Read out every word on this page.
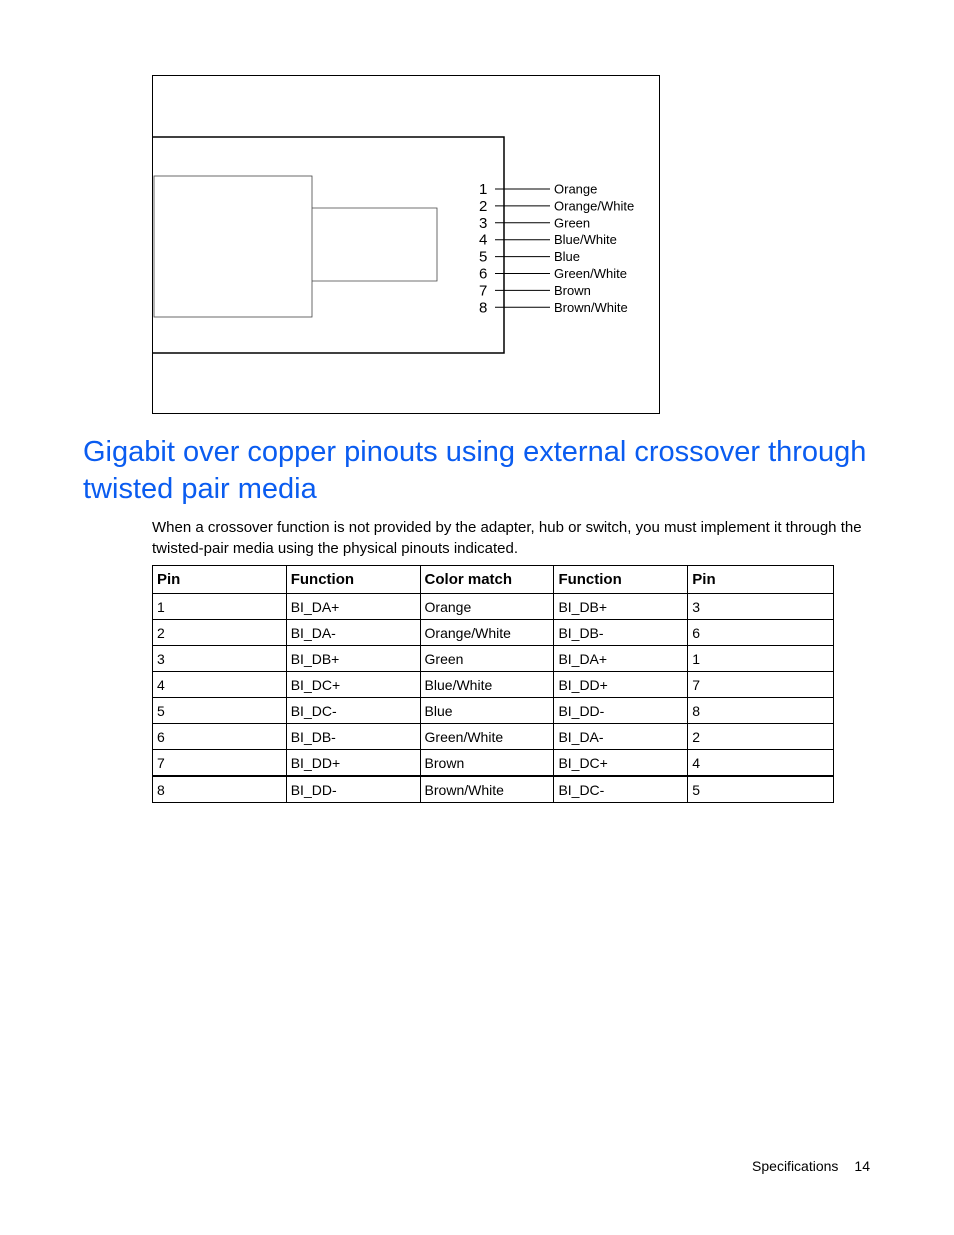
1	Orange
2	Orange/White
3	Green
4	Blue/White
5	Blue
6	Green/White
7	Brown
8	Brown/White
Gigabit over copper pinouts using external crossover through twisted pair media

When a crossover function is not provided by the adapter, hub or switch, you must implement it through the twisted-pair media using the physical pinouts indicated.

Pin	Function	Color match	Function	Pin
1	BI_DA+	Orange	BI_DB+	3
2	BI_DA-	Orange/White	BI_DB-	6
3	BI_DB+	Green	BI_DA+	1
4	BI_DC+	Blue/White	BI_DD+	7
5	BI_DC-	Blue	BI_DD-	8
6	BI_DB-	Green/White	BI_DA-	2
7	BI_DD+	Brown	BI_DC+	4
8	BI_DD-	Brown/White	BI_DC-	5
Specifications 14
